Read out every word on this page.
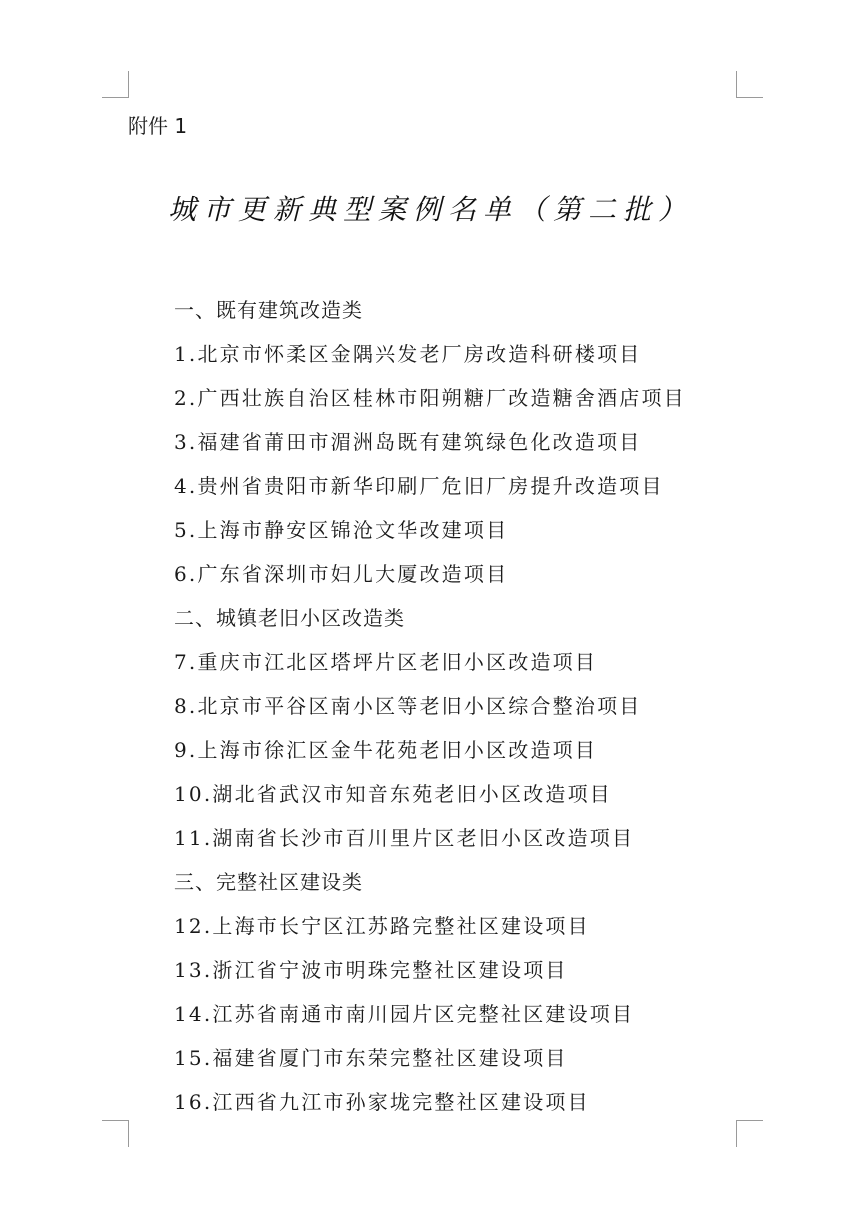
附件 1
城市更新典型案例名单（第二批）
一、既有建筑改造类
1.北京市怀柔区金隅兴发老厂房改造科研楼项目
2.广西壮族自治区桂林市阳朔糖厂改造糖舍酒店项目
3.福建省莆田市湄洲岛既有建筑绿色化改造项目
4.贵州省贵阳市新华印刷厂危旧厂房提升改造项目
5.上海市静安区锦沧文华改建项目
6.广东省深圳市妇儿大厦改造项目
二、城镇老旧小区改造类
7.重庆市江北区塔坪片区老旧小区改造项目
8.北京市平谷区南小区等老旧小区综合整治项目
9.上海市徐汇区金牛花苑老旧小区改造项目
10.湖北省武汉市知音东苑老旧小区改造项目
11.湖南省长沙市百川里片区老旧小区改造项目
三、完整社区建设类
12.上海市长宁区江苏路完整社区建设项目
13.浙江省宁波市明珠完整社区建设项目
14.江苏省南通市南川园片区完整社区建设项目
15.福建省厦门市东荣完整社区建设项目
16.江西省九江市孙家垅完整社区建设项目
